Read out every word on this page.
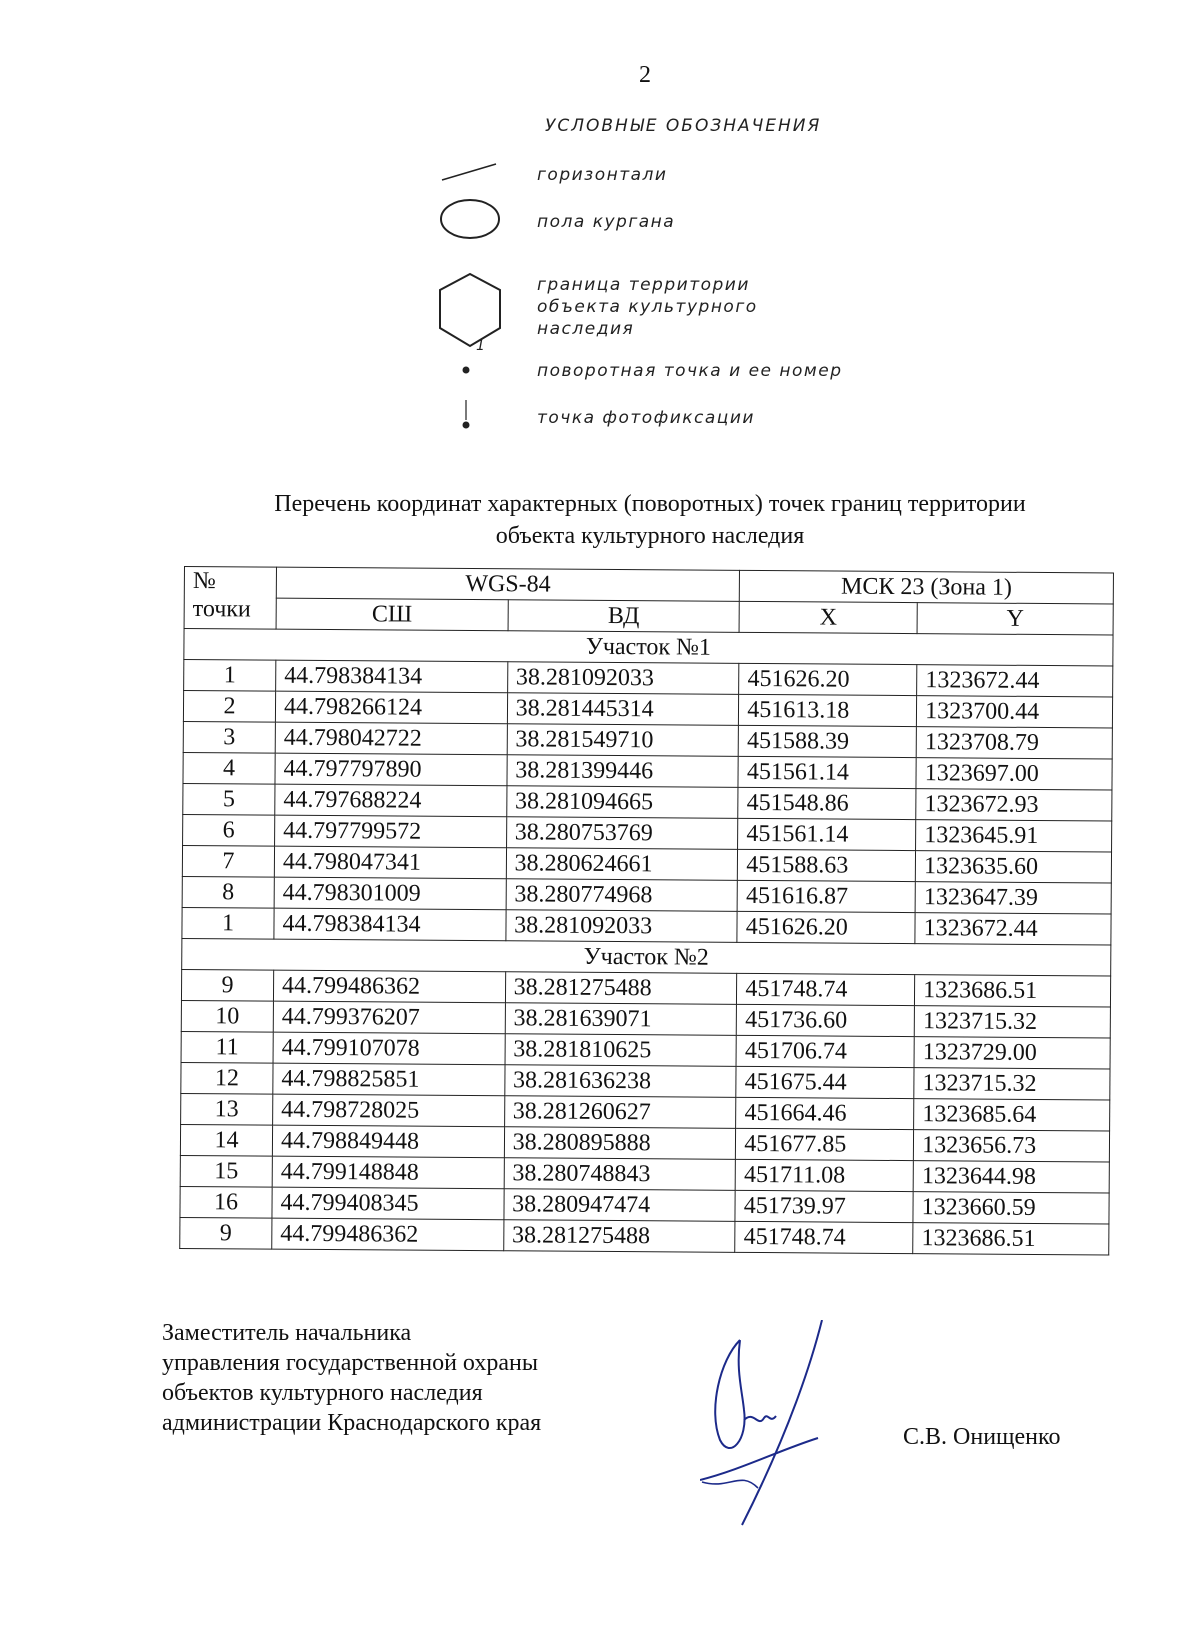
2
УСЛОВНЫЕ ОБОЗНАЧЕНИЯ
горизонтали
пола кургана
граница территории объекта культурного наследия
1
поворотная точка и ее номер
точка фотофиксации
Перечень координат характерных (поворотных) точек границ территории
объекта культурного наследия
№
точки	WGS-84		МСК 23 (Зона 1)	
	СШ	ВД	X	Y
Участок №1				
1	44.798384134	38.281092033	451626.20	1323672.44
2	44.798266124	38.281445314	451613.18	1323700.44
3	44.798042722	38.281549710	451588.39	1323708.79
4	44.797797890	38.281399446	451561.14	1323697.00
5	44.797688224	38.281094665	451548.86	1323672.93
6	44.797799572	38.280753769	451561.14	1323645.91
7	44.798047341	38.280624661	451588.63	1323635.60
8	44.798301009	38.280774968	451616.87	1323647.39
1	44.798384134	38.281092033	451626.20	1323672.44
Участок №2				
9	44.799486362	38.281275488	451748.74	1323686.51
10	44.799376207	38.281639071	451736.60	1323715.32
11	44.799107078	38.281810625	451706.74	1323729.00
12	44.798825851	38.281636238	451675.44	1323715.32
13	44.798728025	38.281260627	451664.46	1323685.64
14	44.798849448	38.280895888	451677.85	1323656.73
15	44.799148848	38.280748843	451711.08	1323644.98
16	44.799408345	38.280947474	451739.97	1323660.59
9	44.799486362	38.281275488	451748.74	1323686.51
Заместитель начальника
управления государственной охраны
объектов культурного наследия
администрации Краснодарского края
С.В. Онищенко
